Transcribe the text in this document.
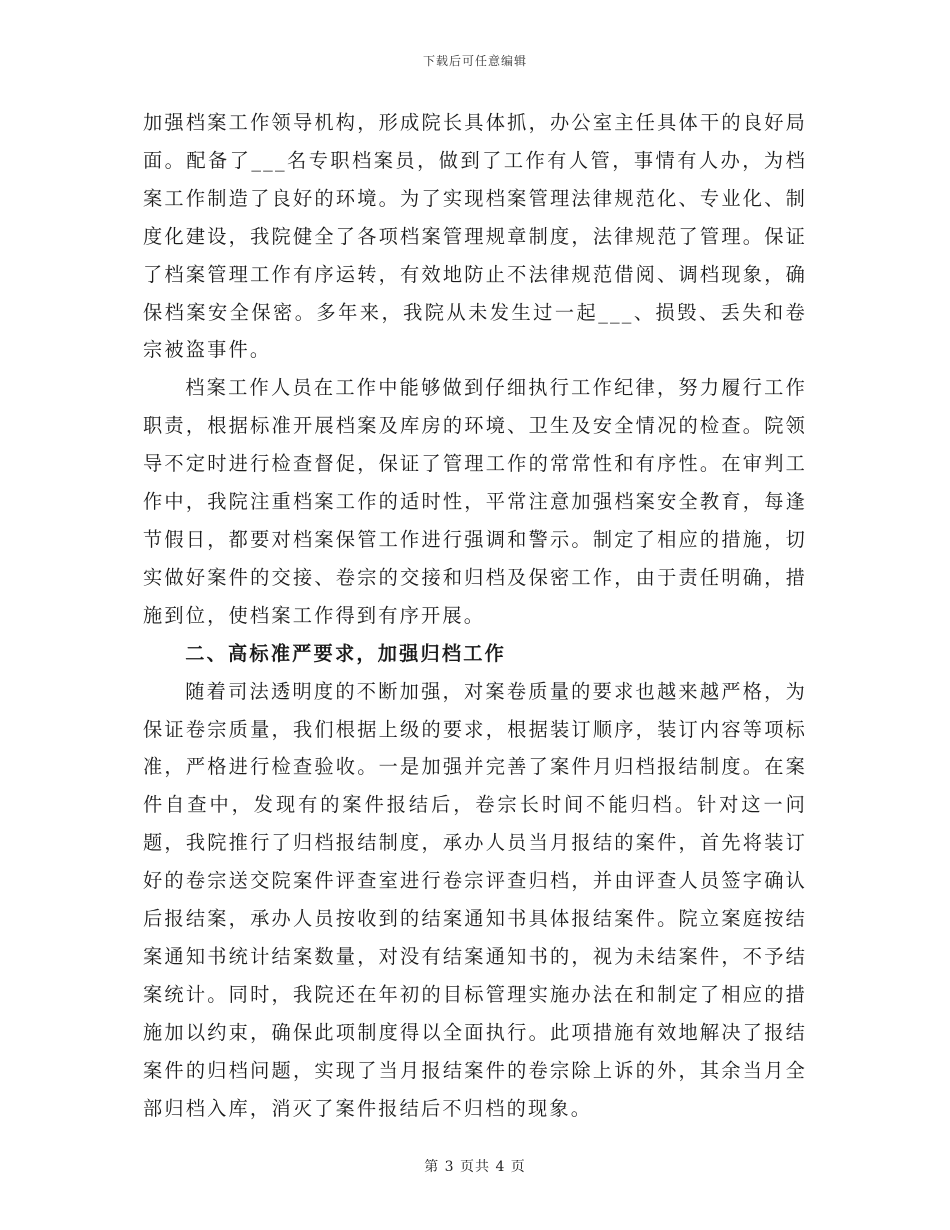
下载后可任意编辑

加强档案工作领导机构，形成院长具体抓，办公室主任具体干的良好局面。配备了___名专职档案员，做到了工作有人管，事情有人办，为档案工作制造了良好的环境。为了实现档案管理法律规范化、专业化、制度化建设，我院健全了各项档案管理规章制度，法律规范了管理。保证了档案管理工作有序运转，有效地防止不法律规范借阅、调档现象，确保档案安全保密。多年来，我院从未发生过一起___、损毁、丢失和卷宗被盗事件。

档案工作人员在工作中能够做到仔细执行工作纪律，努力履行工作职责，根据标准开展档案及库房的环境、卫生及安全情况的检查。院领导不定时进行检查督促，保证了管理工作的常常性和有序性。在审判工作中，我院注重档案工作的适时性，平常注意加强档案安全教育，每逢节假日，都要对档案保管工作进行强调和警示。制定了相应的措施，切实做好案件的交接、卷宗的交接和归档及保密工作，由于责任明确，措施到位，使档案工作得到有序开展。

二、高标准严要求，加强归档工作

随着司法透明度的不断加强，对案卷质量的要求也越来越严格，为保证卷宗质量，我们根据上级的要求，根据装订顺序，装订内容等项标准，严格进行检查验收。一是加强并完善了案件月归档报结制度。在案件自查中，发现有的案件报结后，卷宗长时间不能归档。针对这一问题，我院推行了归档报结制度，承办人员当月报结的案件，首先将装订好的卷宗送交院案件评查室进行卷宗评查归档，并由评查人员签字确认后报结案，承办人员按收到的结案通知书具体报结案件。院立案庭按结案通知书统计结案数量，对没有结案通知书的，视为未结案件，不予结案统计。同时，我院还在年初的目标管理实施办法在和制定了相应的措施加以约束，确保此项制度得以全面执行。此项措施有效地解决了报结案件的归档问题，实现了当月报结案件的卷宗除上诉的外，其余当月全部归档入库，消灭了案件报结后不归档的现象。

第 3 页共 4 页
